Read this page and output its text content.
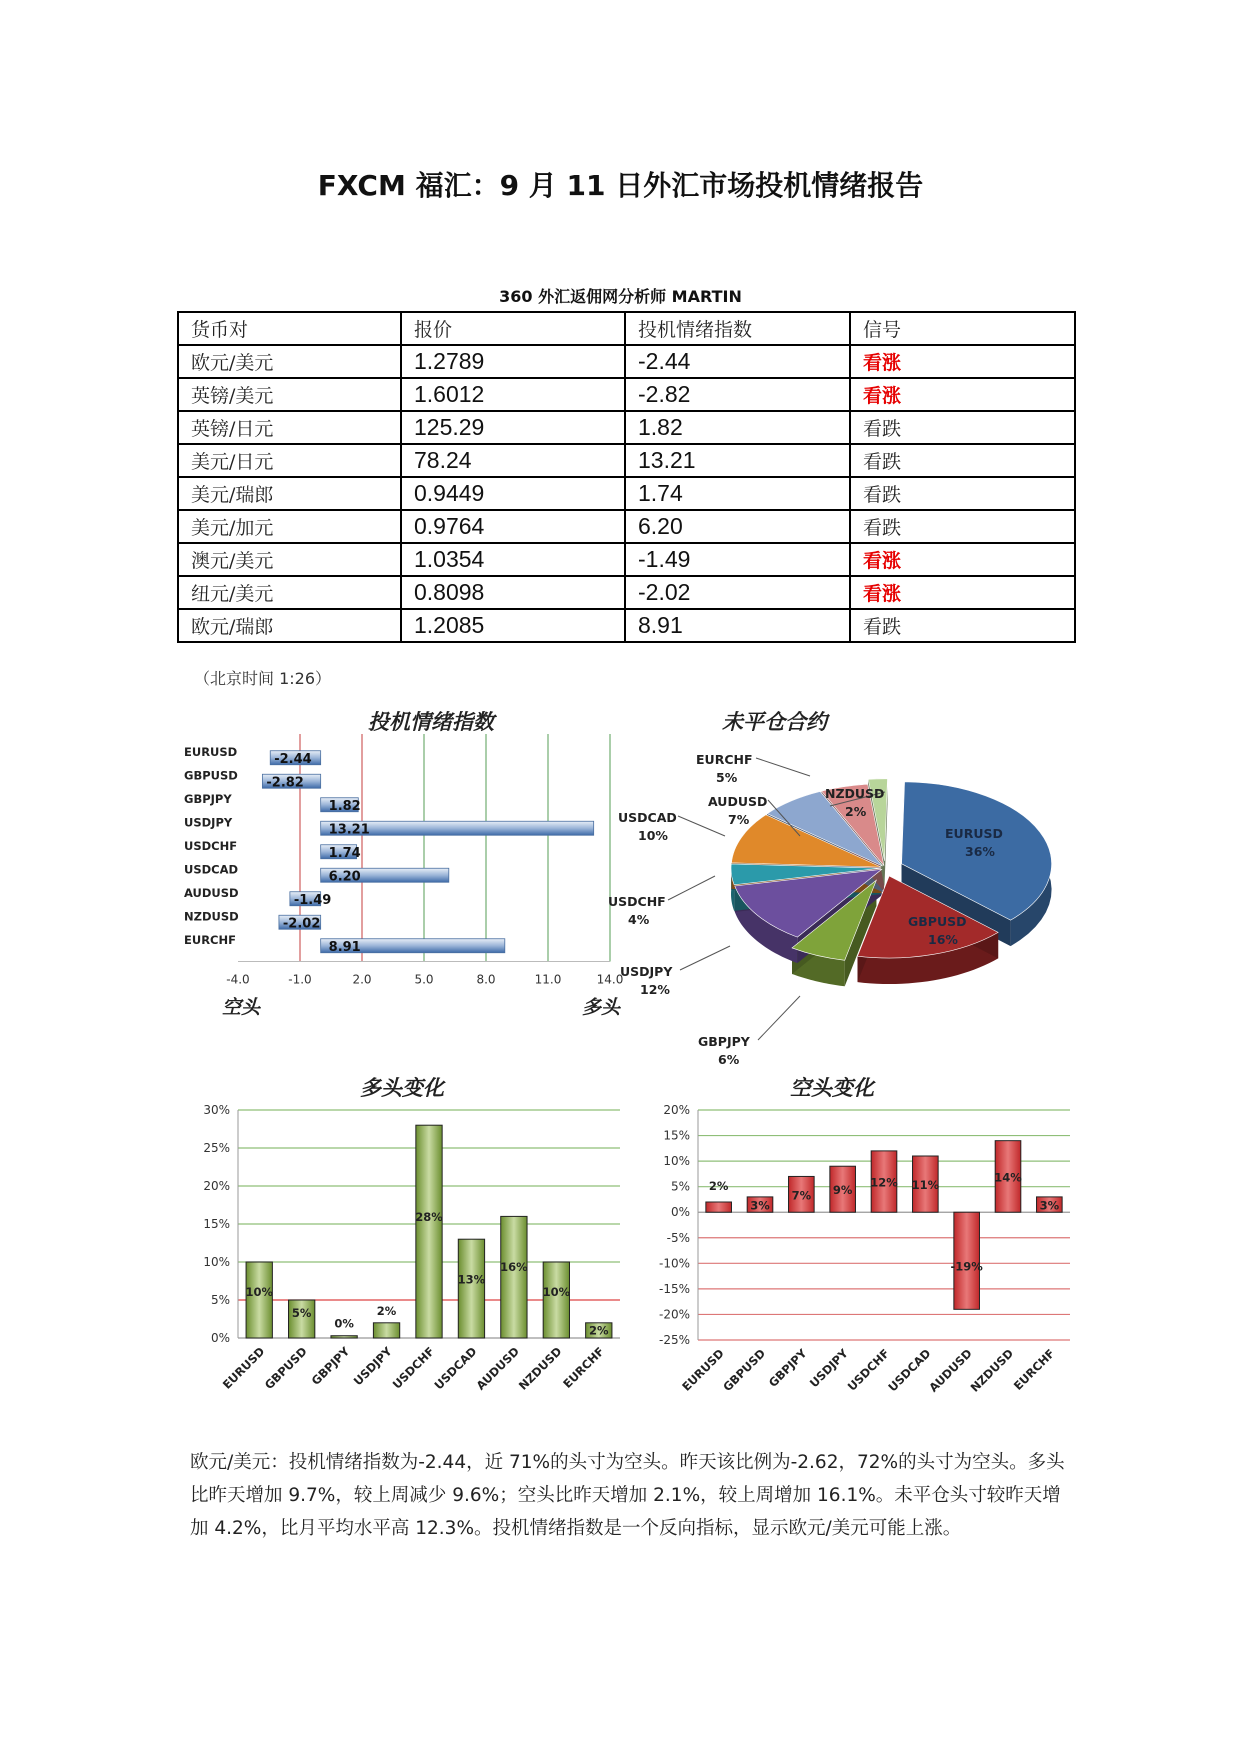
FXCM 福汇：9 月 11 日外汇市场投机情绪报告
360 外汇返佣网分析师 MARTIN
货币对	报价	投机情绪指数	信号
欧元/美元	1.2789	-2.44	看涨
英镑/美元	1.6012	-2.82	看涨
英镑/日元	125.29	1.82	看跌
美元/日元	78.24	13.21	看跌
美元/瑞郎	0.9449	1.74	看跌
美元/加元	0.9764	6.20	看跌
澳元/美元	1.0354	-1.49	看涨
纽元/美元	0.8098	-2.02	看涨
欧元/瑞郎	1.2085	8.91	看跌
（北京时间 1:26）
投机情绪指数
-4.0	-1.0	2.0	5.0	8.0	11.0	14.0
EURUSD	-2.44
GBPUSD -2.82
GBPJPY	1.82
USDJPY	13.21
USDCHF	1.74
USDCAD	6.20
AUDUSD	-1.49
NZDUSD	-2.02
EURCHF	8.91
空头	多头
未平仓合约
EURUSD
36%
GBPUSD
16%
GBPJPY
6%
USDJPY
12%
USDCHF
4%
USDCAD
10%
AUDUSD
7%
EURCHF
5%
NZDUSD
2%
多头变化
0%
5%
10%
15%
20%
25%
30%
10%
EURUSD
5%
GBPUSD
0%
GBPJPY
2%
USDJPY
28%
USDCHF
13%
USDCAD
16%
AUDUSD
10%
NZDUSD
2%
EURCHF
空头变化
20%
15%
10%
5%
0%
-5%
-10%
-15%
-20%
-25%
2%
EURUSD
3%
GBPUSD
7%
GBPJPY
9%
USDJPY
12%
USDCHF
11%
USDCAD
-19%
AUDUSD
14%
NZDUSD
3%
EURCHF
欧元/美元：投机情绪指数为-2.44，近 71%的头寸为空头。昨天该比例为-2.62，72%的头寸为空头。多头比昨天增加 9.7%，较上周减少 9.6%；空头比昨天增加 2.1%，较上周增加 16.1%。未平仓头寸较昨天增加 4.2%，比月平均水平高 12.3%。投机情绪指数是一个反向指标，显示欧元/美元可能上涨。
